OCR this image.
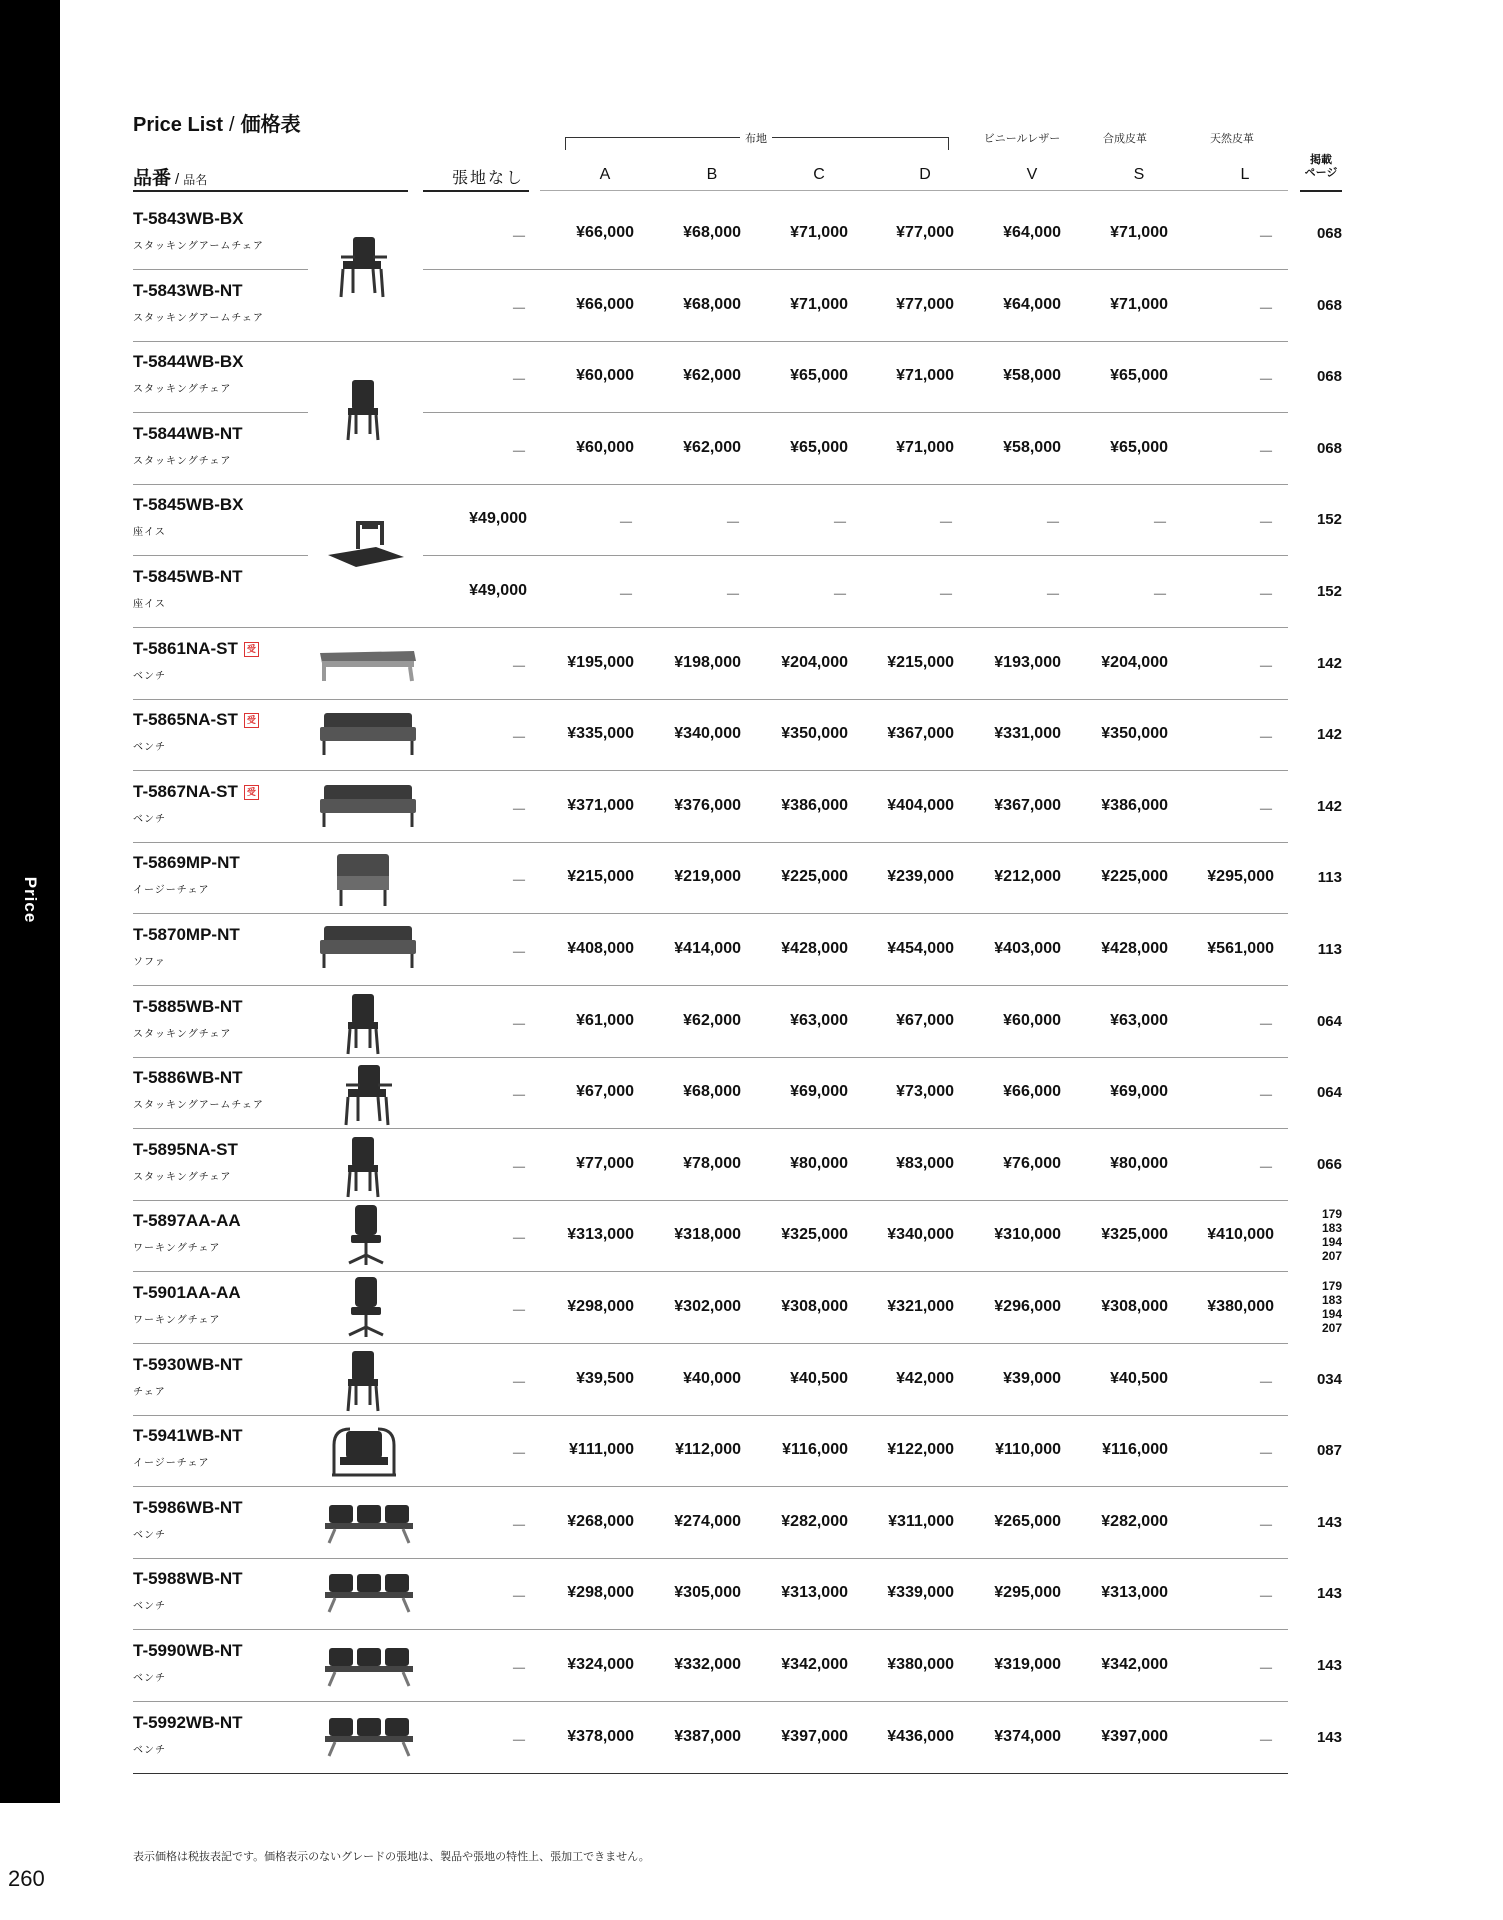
Price
260
Price List / 価格表
布地	ビニールレザー	合成皮革	天然皮革
品番 / 品名	張地なし	A	B	C	D	V	S	L
掲載
ページ
T-5843WB-BX
スタッキングアームチェア
－	¥66,000	¥68,000	¥71,000	¥77,000	¥64,000	¥71,000	－	068
T-5843WB-NT
スタッキングアームチェア
－	¥66,000	¥68,000	¥71,000	¥77,000	¥64,000	¥71,000	－	068
T-5844WB-BX
スタッキングチェア
－	¥60,000	¥62,000	¥65,000	¥71,000	¥58,000	¥65,000	－	068
T-5844WB-NT
スタッキングチェア
－	¥60,000	¥62,000	¥65,000	¥71,000	¥58,000	¥65,000	－	068
T-5845WB-BX
座イス
¥49,000	－	－	－	－	－	－	－	152
T-5845WB-NT
座イス
¥49,000	－	－	－	－	－	－	－	152
T-5861NA-ST 受
ベンチ
－	¥195,000	¥198,000	¥204,000 ¥215,000	¥193,000	¥204,000	－	142
T-5865NA-ST 受
ベンチ
－	¥335,000	¥340,000	¥350,000 ¥367,000	¥331,000	¥350,000	－	142
T-5867NA-ST 受
ベンチ
－	¥371,000	¥376,000	¥386,000 ¥404,000	¥367,000	¥386,000	－	142
T-5869MP-NT
イージーチェア
－	¥215,000	¥219,000	¥225,000 ¥239,000	¥212,000	¥225,000 ¥295,000	113
T-5870MP-NT
ソファ
－	¥408,000	¥414,000	¥428,000 ¥454,000	¥403,000	¥428,000 ¥561,000	113
T-5885WB-NT
スタッキングチェア
－	¥61,000	¥62,000	¥63,000	¥67,000	¥60,000	¥63,000	－	064
T-5886WB-NT
スタッキングアームチェア
－	¥67,000	¥68,000	¥69,000	¥73,000	¥66,000	¥69,000	－	064
T-5895NA-ST
スタッキングチェア
－	¥77,000	¥78,000	¥80,000	¥83,000	¥76,000	¥80,000	－	066
T-5897AA-AA
ワーキングチェア
－	¥313,000	¥318,000	¥325,000 ¥340,000	¥310,000	¥325,000 ¥410,000
179
183
194
207
T-5901AA-AA
ワーキングチェア
－	¥298,000	¥302,000	¥308,000 ¥321,000	¥296,000	¥308,000 ¥380,000
179
183
194
207
T-5930WB-NT
チェア
－	¥39,500	¥40,000	¥40,500	¥42,000	¥39,000	¥40,500	－	034
T-5941WB-NT
イージーチェア
－	¥111,000	¥112,000	¥116,000 ¥122,000	¥110,000	¥116,000	－	087
T-5986WB-NT
ベンチ
－	¥268,000	¥274,000	¥282,000	¥311,000	¥265,000	¥282,000	－	143
T-5988WB-NT
ベンチ
－	¥298,000	¥305,000	¥313,000 ¥339,000	¥295,000	¥313,000	－	143
T-5990WB-NT
ベンチ
－	¥324,000	¥332,000	¥342,000 ¥380,000	¥319,000	¥342,000	－	143
T-5992WB-NT
ベンチ
－	¥378,000	¥387,000	¥397,000 ¥436,000	¥374,000	¥397,000	－	143
表示価格は税抜表記です。価格表示のないグレードの張地は、製品や張地の特性上、張加工できません。
